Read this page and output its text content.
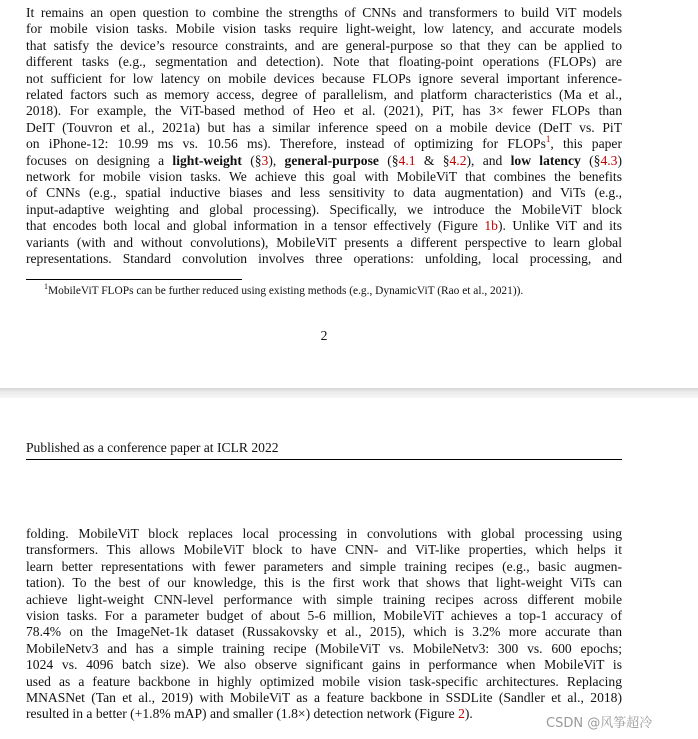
It remains an open question to combine the strengths of CNNs and transformers to build ViT models
for mobile vision tasks. Mobile vision tasks require light-weight, low latency, and accurate models
that satisfy the device’s resource constraints, and are general-purpose so that they can be applied to
different tasks (e.g., segmentation and detection). Note that floating-point operations (FLOPs) are
not sufficient for low latency on mobile devices because FLOPs ignore several important inference-
related factors such as memory access, degree of parallelism, and platform characteristics (Ma et al.,
2018). For example, the ViT-based method of Heo et al. (2021), PiT, has 3× fewer FLOPs than
DeIT (Touvron et al., 2021a) but has a similar inference speed on a mobile device (DeIT vs. PiT
on iPhone-12: 10.99 ms vs. 10.56 ms). Therefore, instead of optimizing for FLOPs$^1$, this paper
focuses on designing a light-weight (§3), general-purpose (§4.1 & §4.2), and low latency (§4.3)
network for mobile vision tasks. We achieve this goal with MobileViT that combines the benefits
of CNNs (e.g., spatial inductive biases and less sensitivity to data augmentation) and ViTs (e.g.,
input-adaptive weighting and global processing). Specifically, we introduce the MobileViT block
that encodes both local and global information in a tensor effectively (Figure 1b). Unlike ViT and its
variants (with and without convolutions), MobileViT presents a different perspective to learn global
representations. Standard convolution involves three operations: unfolding, local processing, and
$^1$MobileViT FLOPs can be further reduced using existing methods (e.g., DynamicViT (Rao et al., 2021)).
2
Published as a conference paper at ICLR 2022
folding. MobileViT block replaces local processing in convolutions with global processing using
transformers. This allows MobileViT block to have CNN- and ViT-like properties, which helps it
learn better representations with fewer parameters and simple training recipes (e.g., basic augmen-
tation). To the best of our knowledge, this is the first work that shows that light-weight ViTs can
achieve light-weight CNN-level performance with simple training recipes across different mobile
vision tasks. For a parameter budget of about 5-6 million, MobileViT achieves a top-1 accuracy of
78.4% on the ImageNet-1k dataset (Russakovsky et al., 2015), which is 3.2% more accurate than
MobileNetv3 and has a simple training recipe (MobileViT vs. MobileNetv3: 300 vs. 600 epochs;
1024 vs. 4096 batch size). We also observe significant gains in performance when MobileViT is
used as a feature backbone in highly optimized mobile vision task-specific architectures. Replacing
MNASNet (Tan et al., 2019) with MobileViT as a feature backbone in SSDLite (Sandler et al., 2018)
resulted in a better (+1.8% mAP) and smaller (1.8×) detection network (Figure 2).
CSDN @风筝超冷
